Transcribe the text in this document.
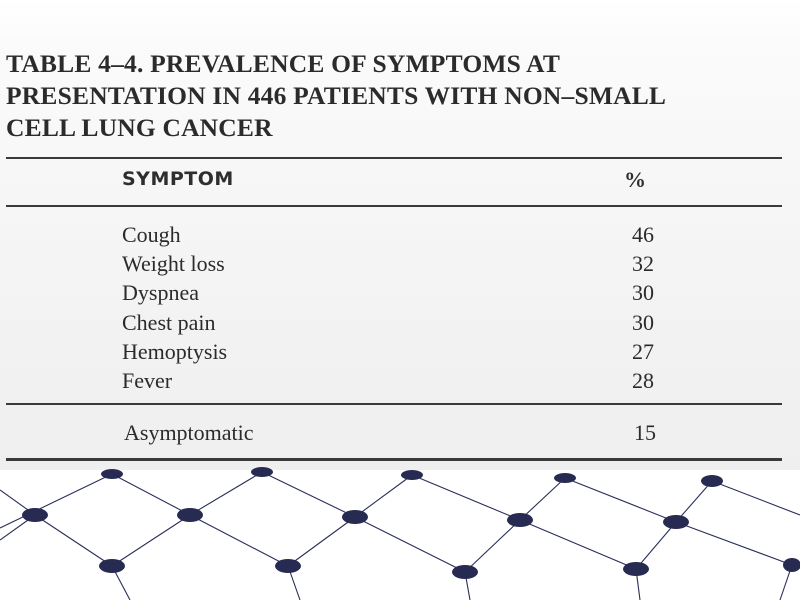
TABLE 4–4. PREVALENCE OF SYMPTOMS AT
PRESENTATION IN 446 PATIENTS WITH NON–SMALL
CELL LUNG CANCER
SYMPTOM	%
Cough	46
Weight loss	32
Dyspnea	30
Chest pain	30
Hemoptysis	27
Fever	28
Asymptomatic	15
